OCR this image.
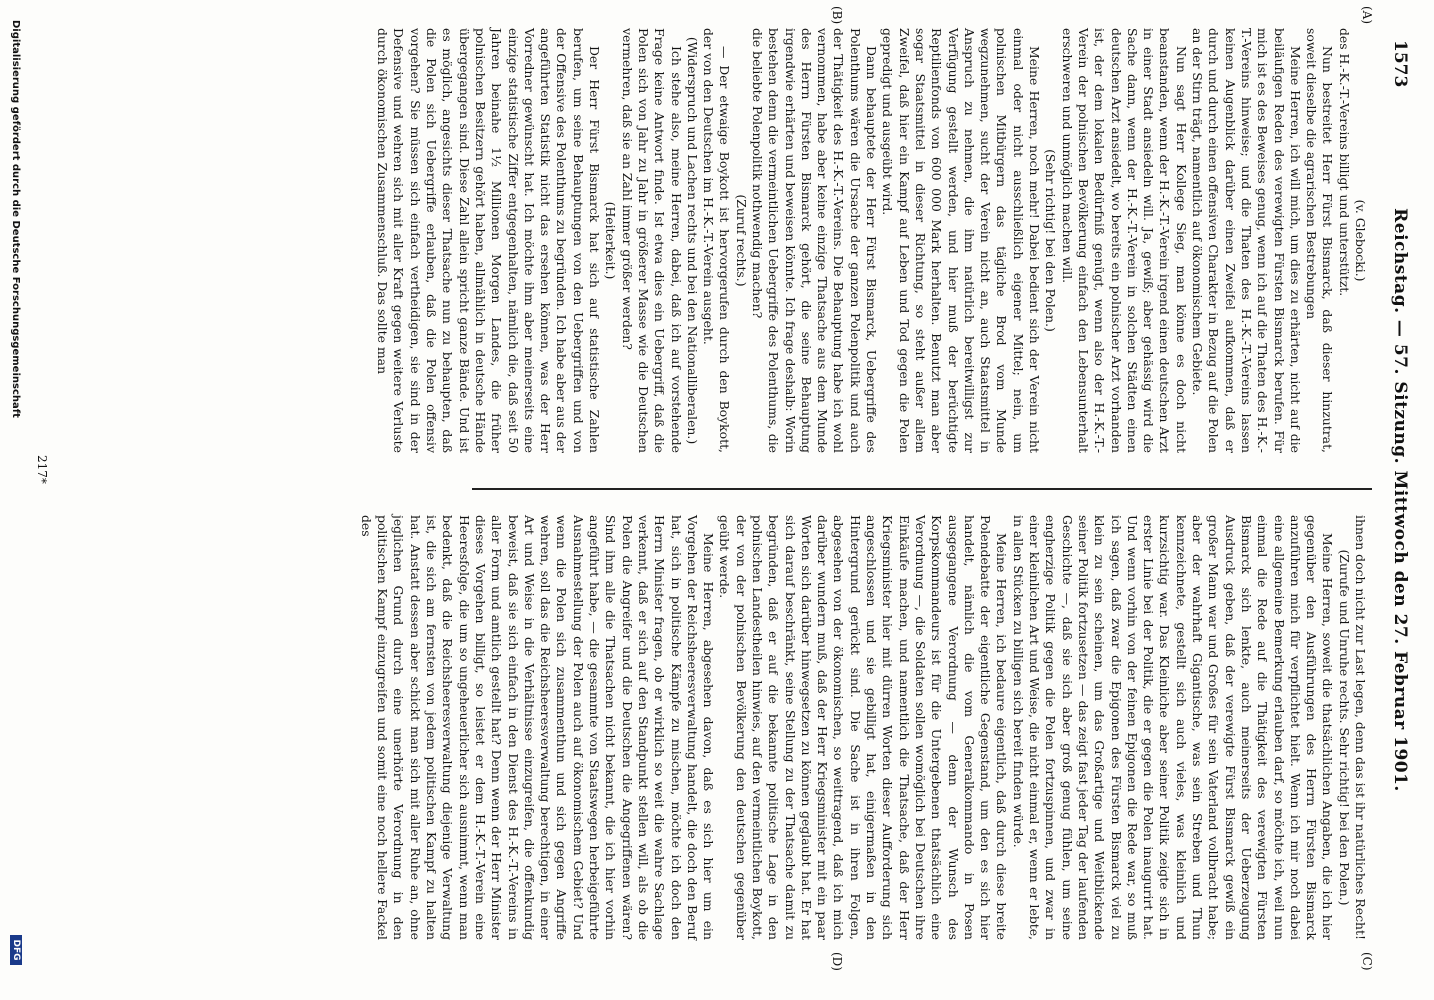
1573
Reichstag. — 57. Sitzung. Mittwoch den 27. Februar 1901.
(A)
(B)
(C)
(D)

(v. Glebocki.)

des H.-K.-T.-Vereins billigt und unterstützt.

Nun bestreitet Herr Fürst Bismarck, daß dieser hinzutrat, soweit dieselbe die agrarischen Bestrebungen

Meine Herren, ich will mich, um dies zu erhärten, nicht auf die beiläufigen Reden des verewigten Fürsten Bismarck berufen. Für mich ist es des Beweises genug, wenn ich auf die Thaten des H.-K.-T.-Vereins hinweise; und die Thaten des H.-K.-T.-Vereins lassen keinen Augenblick darüber einen Zweifel aufkommen, daß er durch und durch einen offensiven Charakter in Bezug auf die Polen an der Stirn trägt, namentlich auf ökonomischem Gebiete.

Nun sagt Herr Kollege Sieg, man könne es doch nicht beanstanden, wenn der H.-K.-T.-Verein irgend einen deutschen Arzt in einer Stadt ansiedeln will. Ja, gewiß; aber gehässig wird die Sache dann, wenn der H.-K.-T.-Verein in solchen Städten einen deutschen Arzt ansiedelt, wo bereits ein polnischer Arzt vorhanden ist, der dem lokalen Bedürfniß genügt, wenn also der H.-K.-T.-Verein der polnischen Bevölkerung einfach den Lebensunterhalt erschweren und unmöglich machen will.

(Sehr richtig! bei den Polen.)

Meine Herren, noch mehr! Dabei bedient sich der Verein nicht einmal oder nicht ausschließlich eigener Mittel; nein, um polnischen Mitbürgern das tägliche Brod vom Munde wegzunehmen, sucht der Verein nicht an, auch Staatsmittel in Anspruch zu nehmen, die ihm natürlich bereitwilligst zur Verfügung gestellt werden, und hier muß der berüchtigte Reptilienfonds von 600 000 Mark herhalten. Benutzt man aber sogar Staatsmittel in dieser Richtung, so steht außer allem Zweifel, daß hier ein Kampf auf Leben und Tod gegen die Polen gepredigt und ausgeübt wird.

Dann behauptete der Herr Fürst Bismarck, Uebergriffe des Polenthums wären die Ursache der ganzen Polenpolitik und auch der Thätigkeit des H.-K.-T.-Vereins. Die Behauptung habe ich wohl vernommen, habe aber keine einzige Thatsache aus dem Munde des Herrn Fürsten Bismarck gehört, die seine Behauptung irgendwie erhärten und beweisen könnte. Ich frage deshalb: Worin bestehen denn die vermeintlichen Uebergriffe des Polenthums, die die beliebte Polenpolitik nothwendig machen?

(Zuruf rechts.)

— Der etwaige Boykott ist hervorgerufen durch den Boykott, der von den Deutschen im H.-K.-T.-Verein ausgeht.

(Widerspruch und Lachen rechts und bei den Nationalliberalen.)

Ich stehe also, meine Herren, dabei, daß ich auf vorstehende Frage keine Antwort finde. Ist etwa dies ein Uebergriff, daß die Polen sich von Jahr zu Jahr in größerer Masse wie die Deutschen vermehren, daß sie an Zahl immer größer werden?

(Heiterkeit.)

Der Herr Fürst Bismarck hat sich auf statistische Zahlen berufen, um seine Behauptungen von den Uebergriffen und von der Offensive des Polenthums zu begründen. Ich habe aber aus der angeführten Statistik nicht das ersehen können, was der Herr Vorredner gewünscht hat. Ich möchte ihm aber meinerseits eine einzige statistische Ziffer entgegenhalten, nämlich die, daß seit 50 Jahren beinahe 1½ Millionen Morgen Landes, die früher polnischen Besitzern gehört haben, allmählich in deutsche Hände übergegangen sind. Diese Zahl allein spricht ganze Bände. Und ist es möglich, angesichts dieser Thatsache nun zu behaupten, daß die Polen sich Uebergriffe erlauben, daß die Polen offensiv vorgehen? Sie müssen sich einfach vertheidigen, sie sind in der Defensive und wehren sich mit aller Kraft gegen weitere Verluste durch ökonomischen Zusammenschluß. Das sollte man

ihnen doch nicht zur Last legen, denn das ist ihr natürliches Recht!

(Zurufe und Unruhe rechts. Sehr richtig! bei den Polen.)

Meine Herren, soweit die thatsächlichen Angaben, die ich hier gegenüber den Ausführungen des Herrn Fürsten Bismarck anzuführen mich für verpflichtet hielt. Wenn ich mir noch dabei eine allgemeine Bemerkung erlauben darf, so möchte ich, weil nun einmal die Rede auf die Thätigkeit des verewigten Fürsten Bismarck sich lenkte, auch meinerseits der Ueberzeugung Ausdruck geben, daß der verewigte Fürst Bismarck gewiß ein großer Mann war und Großes für sein Vaterland vollbracht habe; aber der wahrhaft Gigantische, was sein Streben und Thun kennzeichnete, gestellt sich auch vieles, was kleinlich und kurzsichtig war. Das Kleinliche aber seiner Politik zeigte sich in erster Linie bei der Politik, die er gegen die Polen inaugurirt hat. Und wenn vorhin von der feinen Epigonen die Rede war, so muß ich sagen, daß zwar die Epigonen des Fürsten Bismarck viel zu klein zu sein scheinen, um das Großartige und Weitblickende seiner Politik fortzusetzen — das zeigt fast jeder Tag der laufenden Geschichte —, daß sie sich aber groß genug fühlen, um seine engherzige Politik gegen die Polen fortzuspinnen, und zwar in einer kleinlichen Art und Weise, die nicht einmal er, wenn er lebte, in allen Stücken zu billigen sich bereit finden würde.

Meine Herren, ich bedaure eigentlich, daß durch diese breite Polendebatte der eigentliche Gegenstand, um den es sich hier handelt, nämlich die vom Generalkommando in Posen ausgegangene Verordnung — denn der Wunsch des Korpskommandeurs ist für die Untergebenen thatsächlich eine Verordnung —, die Soldaten sollen womöglich bei Deutschen ihre Einkäufe machen, und namentlich die Thatsache, daß der Herr Kriegsminister hier mit dürren Worten dieser Aufforderung sich angeschlossen und sie gebilligt hat, einigermaßen in den Hintergrund gerückt sind. Die Sache ist in ihren Folgen, abgesehen von der ökonomischen, so weittragend, daß ich mich darüber wundern muß, daß der Herr Kriegsminister mit ein paar Worten sich darüber hinwegsetzen zu können geglaubt hat. Er hat sich darauf beschränkt, seine Stellung zu der Thatsache damit zu begründen, daß er auf die bekannte politische Lage in den polnischen Landestheilen hinwies, auf den vermeintlichen Boykott, der von der polnischen Bevölkerung den deutschen gegenüber geübt werde.

Meine Herren, abgesehen davon, daß es sich hier um ein Vorgehen der Reichsheeresverwaltung handelt, die doch den Beruf hat, sich in politische Kämpfe zu mischen, möchte ich doch den Herrn Minister fragen, ob er wirklich so weit die wahre Sachlage verkennt, daß er sich auf den Standpunkt stellen will, als ob die Polen die Angreifer und die Deutschen die Angegriffenen wären? Sind ihm alle die Thatsachen nicht bekannt, die ich hier vorhin angeführt habe, — die gesammte von Staatswegen herbeigeführte Ausnahmestellung der Polen auch auf ökonomischem Gebiet? Und wenn die Polen sich zusammenthun und sich gegen Angriffe wehren, soll das die Reichsheeresverwaltung berechtigen, in einer Art und Weise in die Verhältnisse einzugreifen, die offenkundig beweist, daß sie sich einfach in den Dienst des H.-K.-T.-Vereins in aller Form und amtlich gestellt hat? Denn wenn der Herr Minister dieses Vorgehen billigt, so leistet er dem H.-K.-T.-Verein eine Heeresfolge, die um so ungeheuerlicher sich ausnimmt, wenn man bedenkt, daß die Reichsheeresverwaltung diejenige Verwaltung ist, die sich am fernsten von jedem politischen Kampf zu halten hat. Anstatt dessen aber schickt man sich mit aller Ruhe an, ohne jeglichen Grund durch eine unerhörte Verordnung in den politischen Kampf einzugreifen und somit eine noch hellere Fackel des

217*
Digitalisierung gefördert durch die Deutsche Forschungsgemeinschaft
DFG
